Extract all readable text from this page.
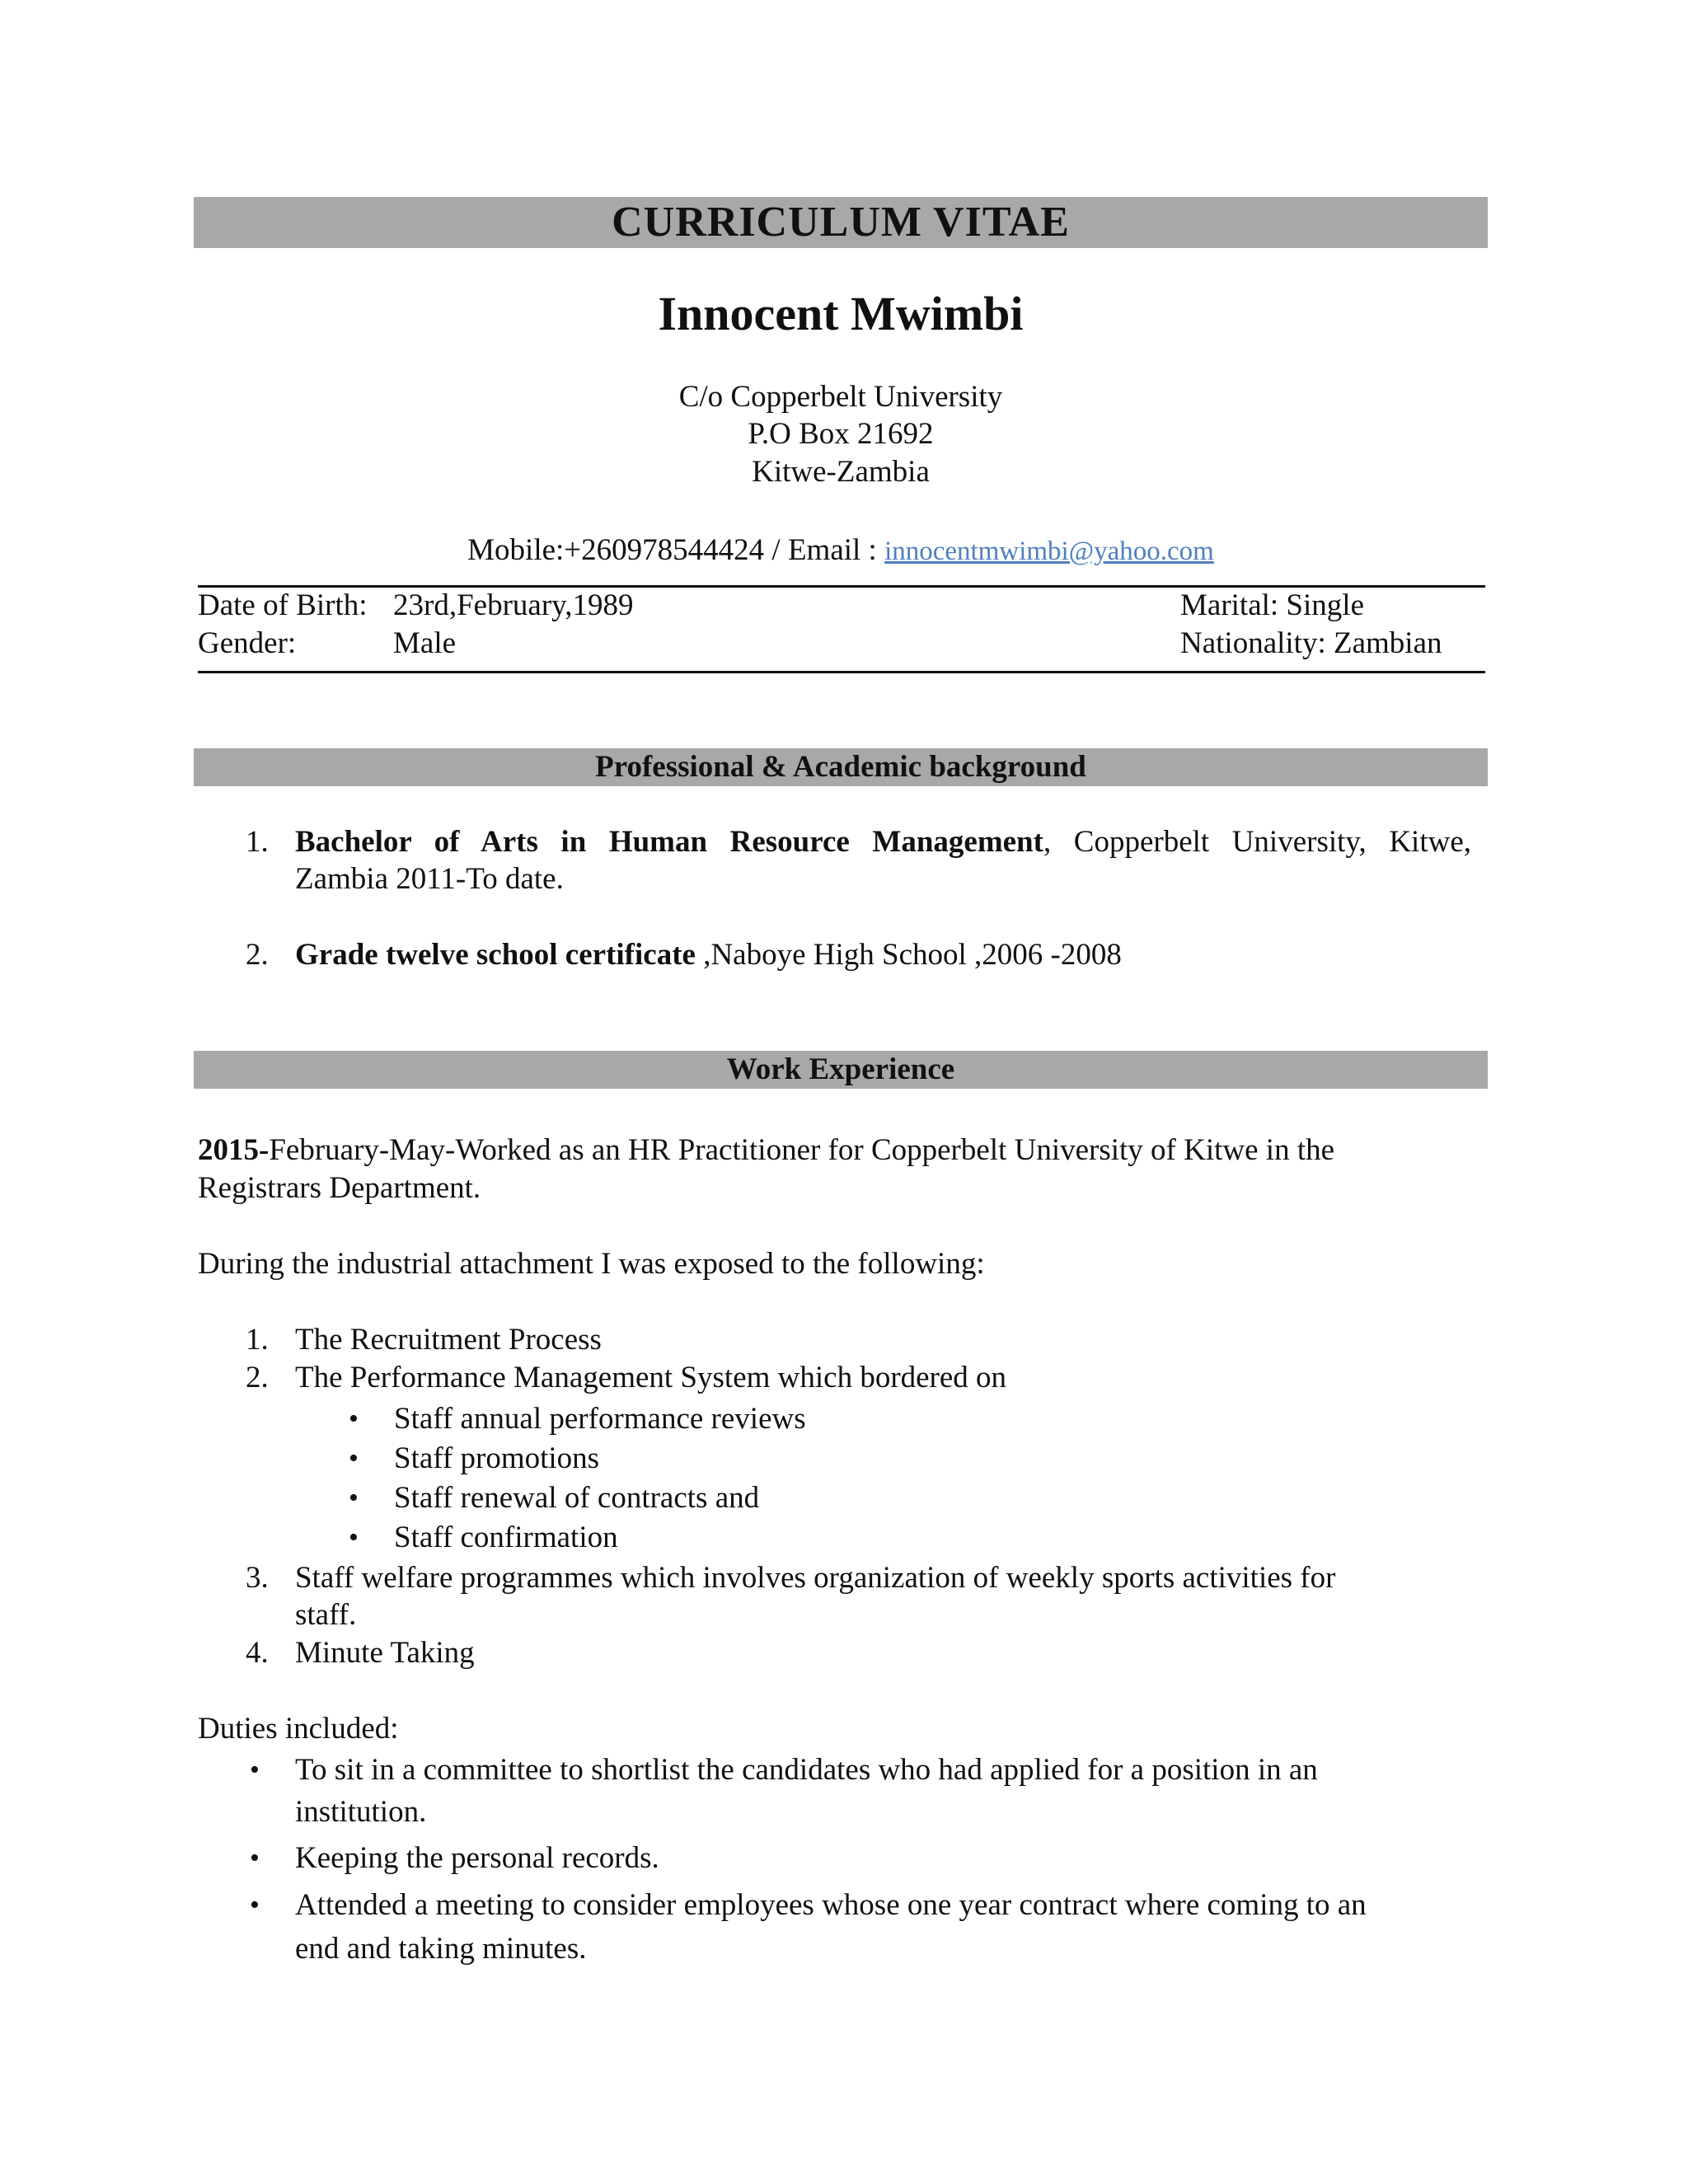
CURRICULUM VITAE
Innocent Mwimbi
C/o Copperbelt University
P.O Box 21692
Kitwe-Zambia
Mobile:+260978544424 / Email : innocentmwimbi@yahoo.com
Date of Birth: 23rd,February,1989	Marital: Single
Gender:	Male	Nationality: Zambian
Professional & Academic background
1. Bachelor of Arts in Human Resource Management, Copperbelt University, Kitwe,
Zambia 2011-To date.
2. Grade twelve school certificate ,Naboye High School ,2006 -2008
Work Experience
2015-February-May-Worked as an HR Practitioner for Copperbelt University of Kitwe in the
Registrars Department.
During the industrial attachment I was exposed to the following:
1. The Recruitment Process
2. The Performance Management System which bordered on
• Staff annual performance reviews
• Staff promotions
• Staff renewal of contracts and
• Staff confirmation
3. Staff welfare programmes which involves organization of weekly sports activities for
staff.
4. Minute Taking
Duties included:
• To sit in a committee to shortlist the candidates who had applied for a position in an
institution.
• Keeping the personal records.
• Attended a meeting to consider employees whose one year contract where coming to an
end and taking minutes.
